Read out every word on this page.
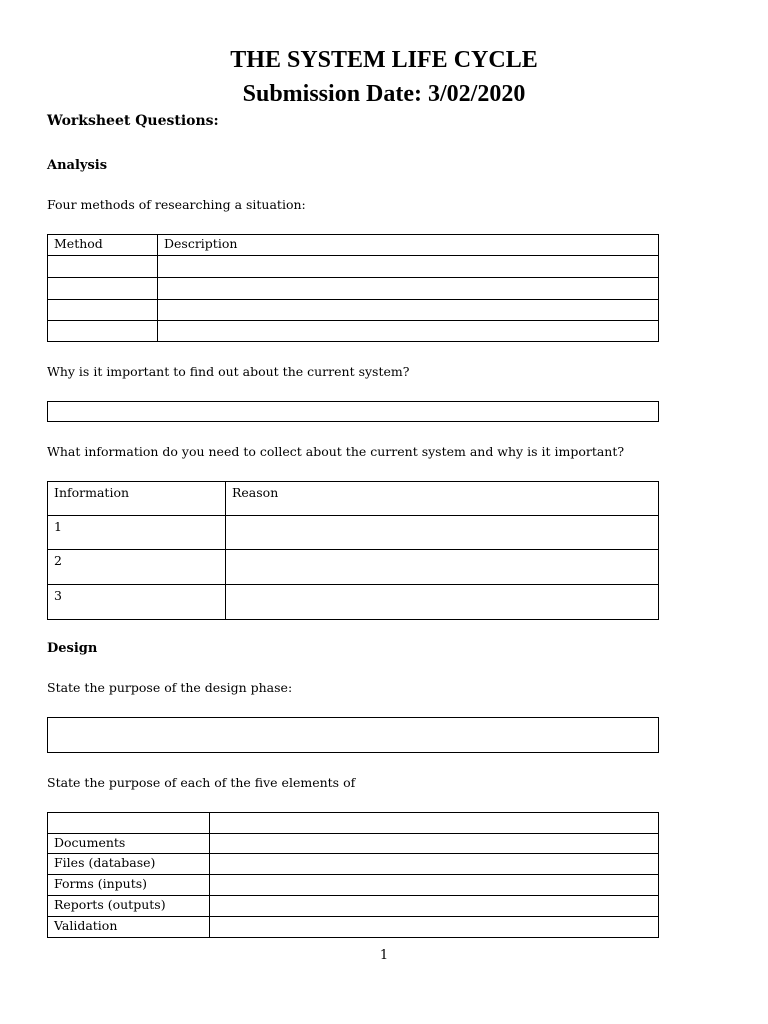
THE SYSTEM LIFE CYCLE
Submission Date: 3/02/2020
Worksheet Questions:
Analysis

Four methods of researching a situation:

Method	Description

Why is it important to find out about the current system?

What information do you need to collect about the current system and why is it important?

Information	Reason
1	
2	
3	
Design

State the purpose of the design phase:

State the purpose of each of the five elements of

Documents	
Files (database)	
Forms (inputs)	
Reports (outputs)	
Validation	
1
